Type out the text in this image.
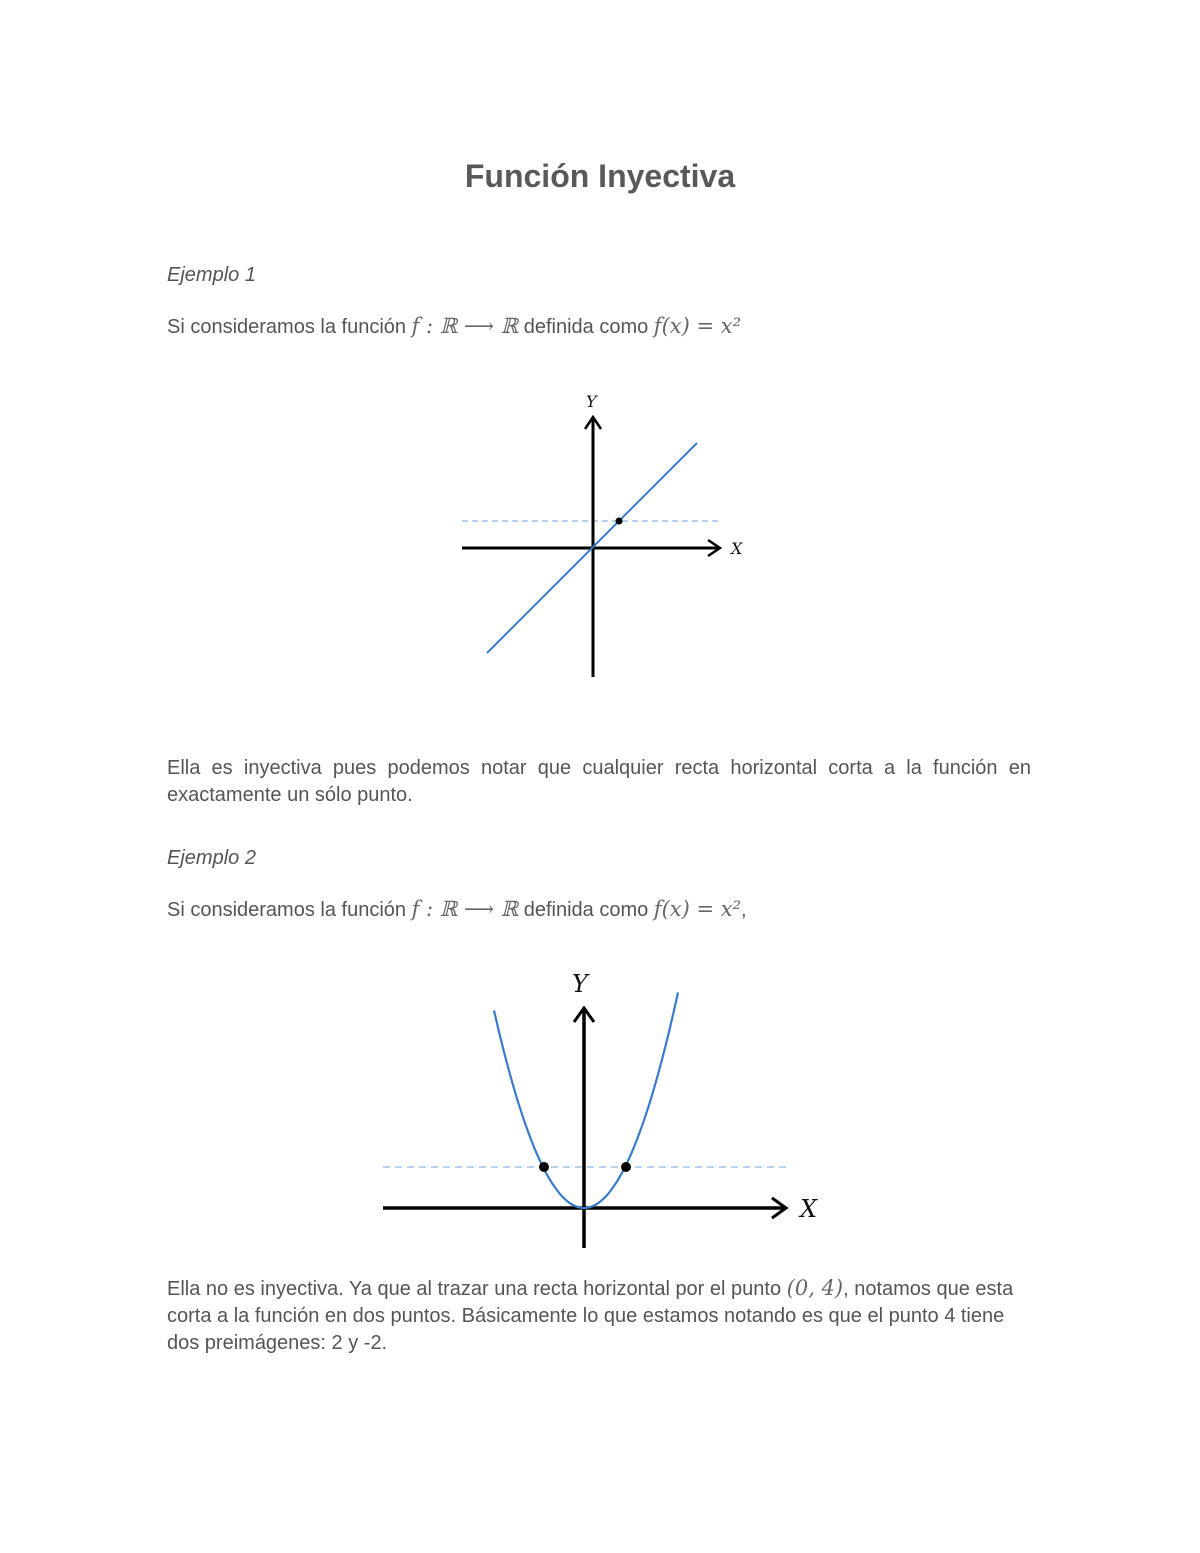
Función Inyectiva
Ejemplo 1
Si consideramos la función f : ℝ ⟶ ℝ definida como f(x) = x²
Y
X
Ella es inyectiva pues podemos notar que cualquier recta horizontal corta a la función en exactamente un sólo punto.
Ejemplo 2
Si consideramos la función f : ℝ ⟶ ℝ definida como f(x) = x²,
Y
X
Ella no es inyectiva. Ya que al trazar una recta horizontal por el punto (0, 4), notamos que esta corta a la función en dos puntos. Básicamente lo que estamos notando es que el punto 4 tiene dos preimágenes: 2 y -2.
